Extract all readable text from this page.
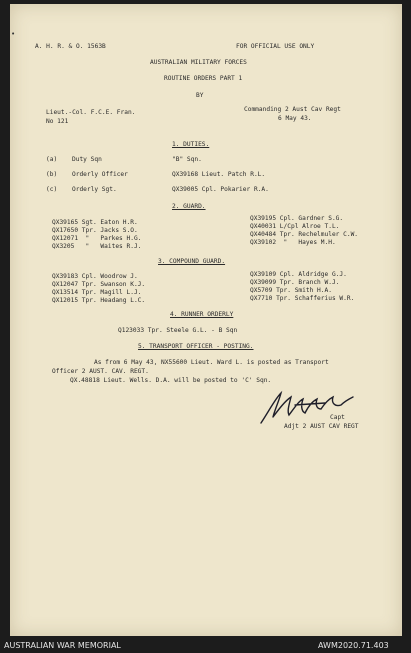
•
A. H. R. & O. 1563B	FOR OFFICIAL USE ONLY
AUSTRALIAN MILITARY FORCES
ROUTINE ORDERS PART 1
BY
Lieut.-Col. F.C.E. Fran.	Commanding 2 Aust Cav Regt
No 121	6 May 43.
1. DUTIES.
(a) Duty Sqn	"B" Sqn.
(b) Orderly Officer	QX39168 Lieut. Patch R.L.
(c) Orderly Sgt.	QX39005 Cpl. Pokarier R.A.
2. GUARD.
QX39165 Sgt. Eaton H.R.
QX17650 Tpr. Jacks S.O.
QX12071  "   Parkes H.G.
QX3205   "   Waites R.J.
QX39195 Cpl. Gardner S.G.
QX40031 L/Cpl Alroe T.L.
QX40484 Tpr. Rechelmuler C.W.
QX39102  "   Hayes M.H.
3. COMPOUND GUARD.
QX39183 Cpl. Woodrow J.
QX12047 Tpr. Swanson K.J.
QX13514 Tpr. Magill L.J.
QX12015 Tpr. Headang L.C.
QX39109 Cpl. Aldridge G.J.
QX39099 Tpr. Branch W.J.
QX5709 Tpr. Smith H.A.
QX7710 Tpr. Schafferius W.R.
4. RUNNER ORDERLY
Q123033 Tpr. Steele G.L. - B Sqn
5. TRANSPORT OFFICER - POSTING.
As from 6 May 43, NX55600 Lieut. Ward L. is posted as Transport
Officer 2 AUST. CAV. REGT.
QX.48818 Lieut. Wells. D.A. will be posted to 'C' Sqn.
Capt
Adjt 2 AUST CAV REGT
AUSTRALIAN WAR MEMORIAL	AWM2020.71.403
